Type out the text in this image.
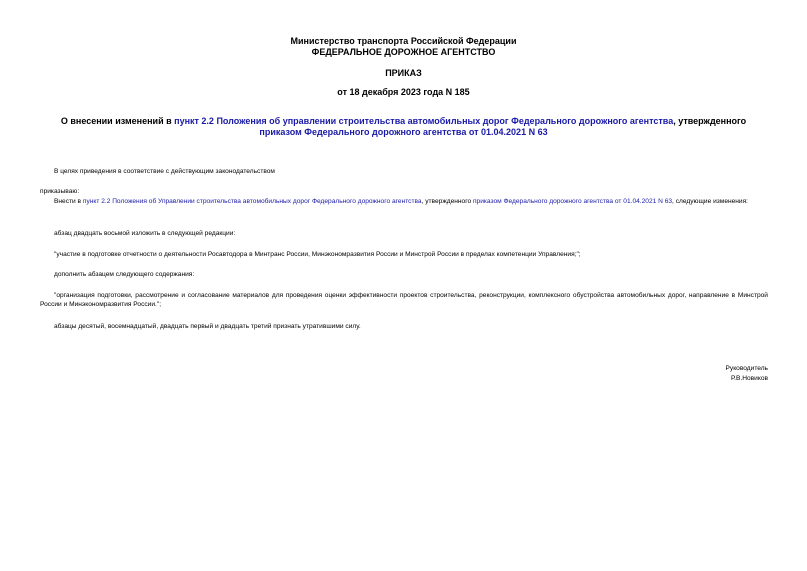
Министерство транспорта Российской Федерации
ФЕДЕРАЛЬНОЕ ДОРОЖНОЕ АГЕНТСТВО
ПРИКАЗ
от 18 декабря 2023 года N 185
О внесении изменений в пункт 2.2 Положения об управлении строительства автомобильных дорог Федерального дорожного агентства, утвержденного приказом Федерального дорожного агентства от 01.04.2021 N 63
В целях приведения в соответствие с действующим законодательством
приказываю:
Внести в пункт 2.2 Положения об Управлении строительства автомобильных дорог Федерального дорожного агентства, утвержденного приказом Федерального дорожного агентства от 01.04.2021 N 63, следующие изменения:
абзац двадцать восьмой изложить в следующей редакции:
"участие в подготовке отчетности о деятельности Росавтодора в Минтранс России, Минэкономразвития России и Минстрой России в пределах компетенции Управления;";
дополнить абзацем следующего содержания:
"организация подготовки, рассмотрение и согласование материалов для проведения оценки эффективности проектов строительства, реконструкции, комплексного обустройства автомобильных дорог, направление в Минстрой России и Минэкономразвития России.";
абзацы десятый, восемнадцатый, двадцать первый и двадцать третий признать утратившими силу.
Руководитель
Р.В.Новиков
